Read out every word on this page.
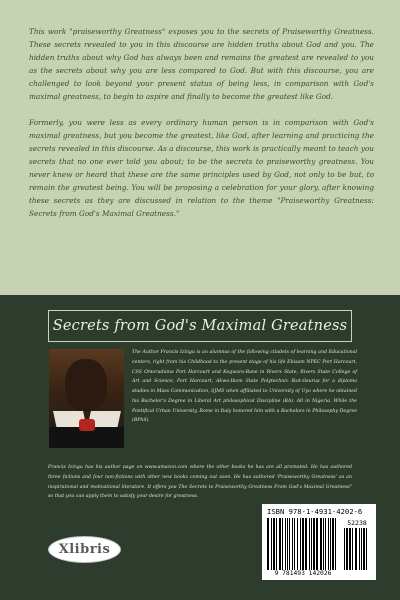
This work "praiseworthy Greatness" exposes you to the secrets of Praiseworthy Greatness. These secrets revealed to you in this discourse are hidden truths about God and you. The hidden truths about why God has always been and remains the greatest are revealed to you as the secrets about why you are less compared to God. But with this discourse, you are challenged to look beyond your present status of being less, in comparison with God's maximal greatness, to begin to aspire and finally to become the greatest like God.

Formerly, you were less as every ordinary human person is in comparison with God's maximal greatness, but you become the greatest, like God, after learning and practicing the secrets revealed in this discourse. As a discourse, this work is practically meant to teach you secrets that no one ever told you about; to be the secrets to praiseworthy greatness. You never knew or heard that these are the same principles used by God, not only to be but, to remain the greatest being. You will be proposing a celebration for your glory, after knowing these secrets as they are discussed in relation to the theme "Praiseworthy Greatness: Secrets from God's Maximal Greatness."

Secrets from God's Maximal Greatness
The Author Francis Izingu is an alumnus of the following citadels of learning and Educational centers, right from his Childhood to the present stage of his life Ebisam NPEC Port Harcourt, CSS Omoruduma Port Harcourt and Kegwara-Bane in Rivers State, Rivers State College of Art and Science, Port Harcourt, Akwa-Ibom State Polytechnic Ikot-Osurua for a diploma studies in Mass Communication, SJMS when affiliated to University of Uyo where he obtained his Bachelor's Degree in Liberal Art philosophical Discipline (BA). All in Nigeria. While the Pontifical Urban University, Rome in Italy honored him with a Bachelors in Philosophy Degree (BPhil).
Francis Izingu has his author page on www.amazon.com where the other books he has are all promoted. He has authored three fictions and four non-fictions with other new books coming out soon. He has authored 'Praiseworthy Greatness' as an inspirational and motivational literature. It offers you The Secrets to Praiseworthy Greatness From God's Maximal Greatness" so that you can apply them to satisfy your desire for greatness.
Xlibris
ISBN 978-1-4931-4202-6
52238
9 781493 142026
